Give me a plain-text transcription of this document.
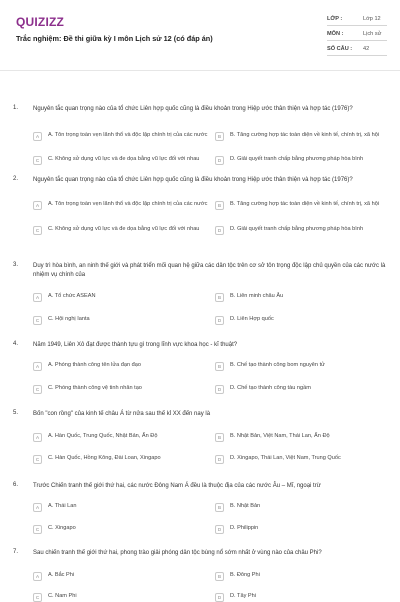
QUIZIZZ
Trắc nghiệm: Đề thi giữa kỳ I môn Lịch sử 12 (có đáp án)
LỚP :	Lớp 12
MÔN :	Lịch sử
SỐ CÂU : 42
1. Nguyên tắc quan trọng nào của tổ chức Liên hợp quốc cũng là điều khoản trong Hiệp ước thân thiện và hợp tác (1976)?
A	A. Tôn trọng toàn vẹn lãnh thổ và độc lập chính trị của các nước	B	B. Tăng cường hợp tác toàn diện về kinh tế, chính trị, xã hội
C	C. Không sử dụng vũ lực và đe dọa bằng vũ lực đối với nhau	D	D. Giải quyết tranh chấp bằng phương pháp hòa bình
2. Nguyên tắc quan trọng nào của tổ chức Liên hợp quốc cũng là điều khoản trong Hiệp ước thân thiện và hợp tác (1976)?
A	A. Tôn trọng toàn vẹn lãnh thổ và độc lập chính trị của các nước	B	B. Tăng cường hợp tác toàn diện về kinh tế, chính trị, xã hội
C	C. Không sử dụng vũ lực và đe dọa bằng vũ lực đối với nhau	D	D. Giải quyết tranh chấp bằng phương pháp hòa bình
3. Duy trì hòa bình, an ninh thế giới và phát triển mối quan hệ giữa các dân tộc trên cơ sở tôn trọng độc lập chủ quyền của các nước là nhiệm vụ chính của
A	A. Tổ chức ASEAN	B	B. Liên minh châu Âu
C	C. Hội nghị Ianta	D	D. Liên Hợp quốc
4. Năm 1949, Liên Xô đạt được thành tựu gì trong lĩnh vực khoa học - kĩ thuật?
A	A. Phóng thành công tên lửa đạn đạo	B	B. Chế tạo thành công bom nguyên tử
C	C. Phóng thành công vệ tinh nhân tạo	D	D. Chế tạo thành công tàu ngầm
5. Bốn "con rồng" của kinh tế châu Á từ nửa sau thế kỉ XX đến nay là
A	A. Hàn Quốc, Trung Quốc, Nhật Bản, Ấn Độ	B	B. Nhật Bản, Việt Nam, Thái Lan, Ấn Độ
C	C. Hàn Quốc, Hồng Kông, Đài Loan, Xingapo	D	D. Xingapo, Thái Lan, Việt Nam, Trung Quốc
6. Trước Chiến tranh thế giới thứ hai, các nước Đông Nam Á đều là thuộc địa của các nước Âu – Mĩ, ngoại trừ
A	A. Thái Lan	B	B. Nhật Bản
C	C. Xingapo	D	D. Philippin
7. Sau chiến tranh thế giới thứ hai, phong trào giải phóng dân tộc bùng nổ sớm nhất ở vùng nào của châu Phi?
A	A. Bắc Phi	B	B. Đông Phi
C	C. Nam Phi	D	D. Tây Phi
